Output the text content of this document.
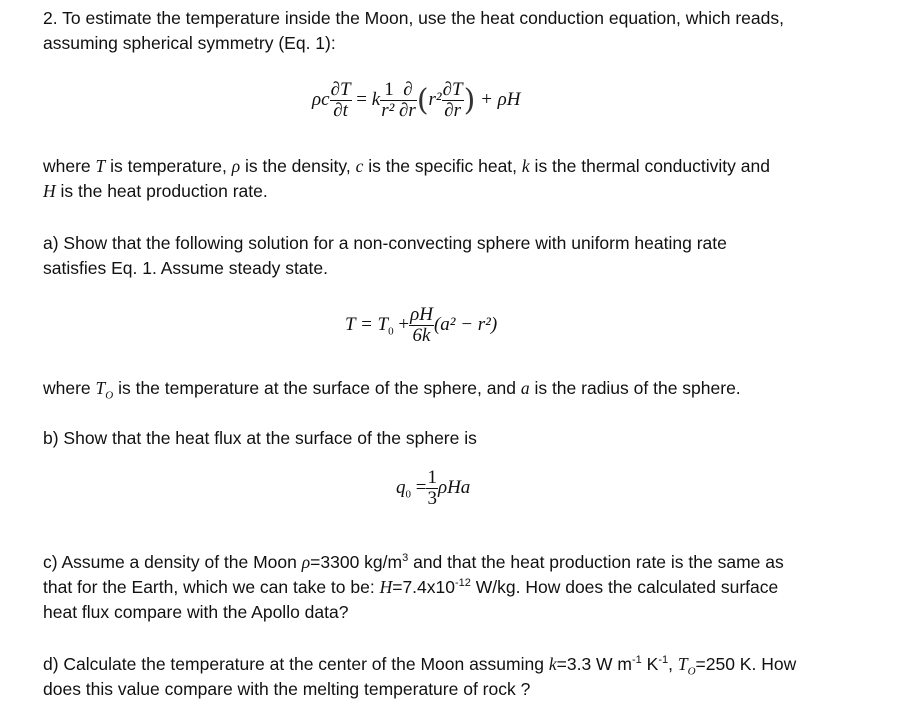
2. To estimate the temperature inside the Moon, use the heat conduction equation, which reads,

assuming spherical symmetry (Eq. 1):

ρc $\frac{\partial T}{\partial t} = k \frac{1 \partial}{\text{r² ∂r}} (r^2 \frac{\partial T}{\partial r}$ ) + ρH

where T is temperature, ρ is the density, c is the specific heat, k is the thermal conductivity and

H is the heat production rate.

a) Show that the following solution for a non-convecting sphere with uniform heating rate

satisfies Eq. 1. Assume steady state.

$T = T_0 + \frac{\rho H}{6k} (a^2 - r^2)$

where $T_O$ is the temperature at the surface of the sphere, and a is the radius of the sphere.

b) Show that the heat flux at the surface of the sphere is

$q_0 = \frac{1}{3}$ ρHa

c) Assume a density of the Moon ρ=3300 $kg/m^3$ and that the heat production rate is the same as

that for the Earth, which we can take to be: $H=7.4x10^{-12}$ W/kg. How does the calculated surface

heat flux compare with the Apollo data?

d) Calculate the temperature at the center of the Moon assuming k=3.3 W $m^{-1}$ $K^{-1}$, $T_O=250$ K. How

does this value compare with the melting temperature of rock ?
